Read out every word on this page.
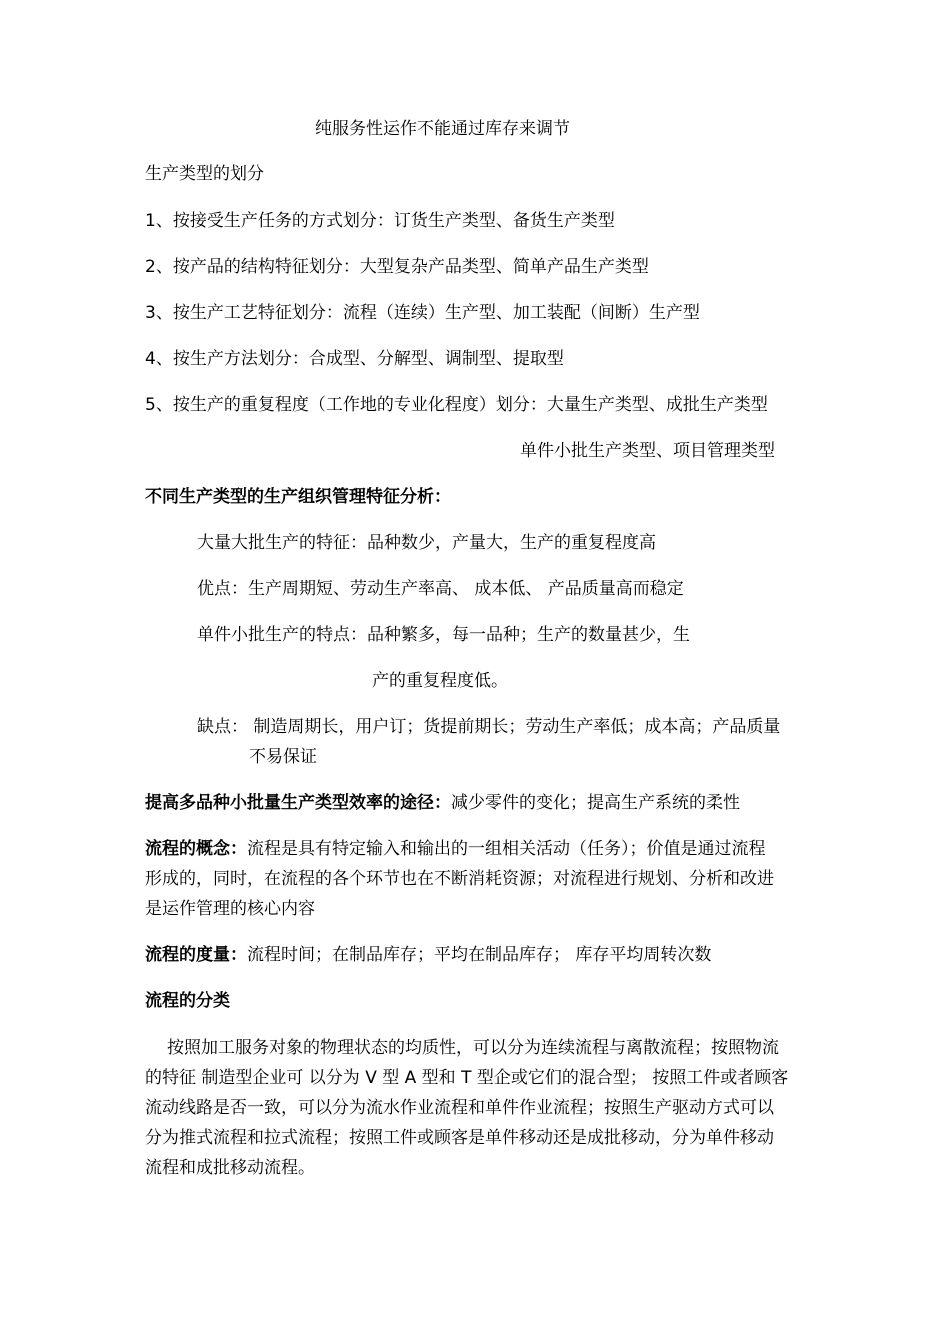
纯服务性运作不能通过库存来调节
生产类型的划分
1、按接受生产任务的方式划分：订货生产类型、备货生产类型
2、按产品的结构特征划分：大型复杂产品类型、简单产品生产类型
3、按生产工艺特征划分：流程（连续）生产型、加工装配（间断）生产型
4、按生产方法划分：合成型、分解型、调制型、提取型
5、按生产的重复程度（工作地的专业化程度）划分：大量生产类型、成批生产类型
单件小批生产类型、项目管理类型
不同生产类型的生产组织管理特征分析：
大量大批生产的特征：品种数少，产量大，生产的重复程度高
优点：生产周期短、劳动生产率高、 成本低、 产品质量高而稳定
单件小批生产的特点：品种繁多，每一品种；生产的数量甚少，生
产的重复程度低。
缺点： 制造周期长，用户订；货提前期长；劳动生产率低；成本高；产品质量
不易保证
提高多品种小批量生产类型效率的途径：减少零件的变化；提高生产系统的柔性
流程的概念：流程是具有特定输入和输出的一组相关活动（任务）；价值是通过流程
形成的，同时，在流程的各个环节也在不断消耗资源；对流程进行规划、分析和改进
是运作管理的核心内容
流程的度量：流程时间；在制品库存；平均在制品库存； 库存平均周转次数
流程的分类
按照加工服务对象的物理状态的均质性，可以分为连续流程与离散流程；按照物流
的特征 制造型企业可 以分为 V 型 A 型和 T 型企或它们的混合型； 按照工件或者顾客
流动线路是否一致，可以分为流水作业流程和单件作业流程；按照生产驱动方式可以
分为推式流程和拉式流程；按照工件或顾客是单件移动还是成批移动，分为单件移动
流程和成批移动流程。
